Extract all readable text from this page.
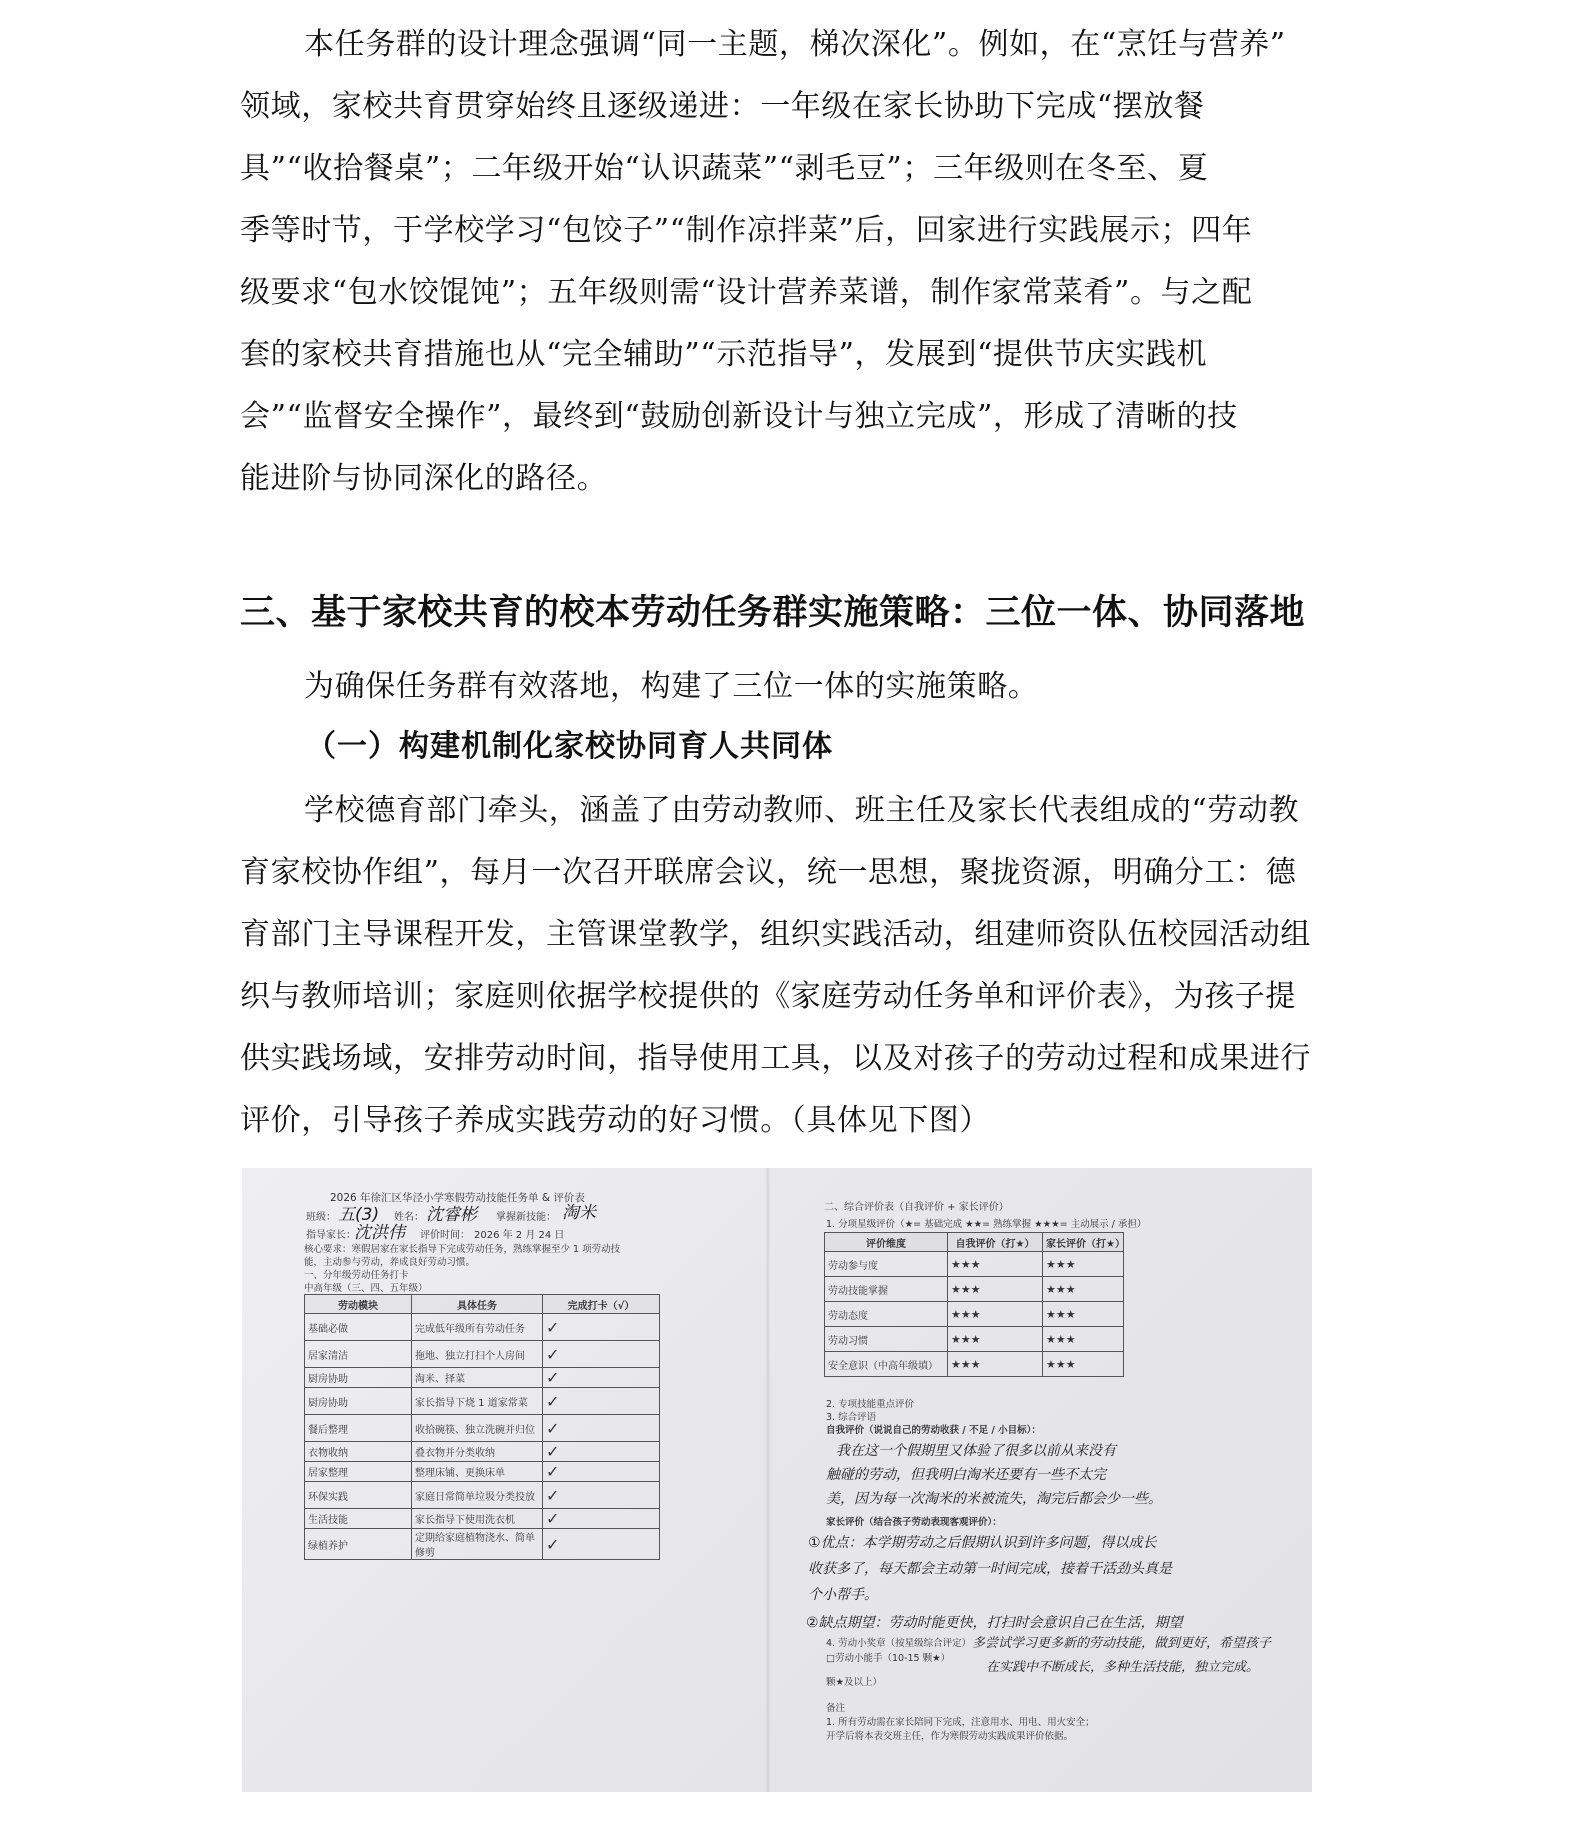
本任务群的设计理念强调“同一主题，梯次深化”。例如，在“烹饪与营养”

领域，家校共育贯穿始终且逐级递进：一年级在家长协助下完成“摆放餐

具”“收拾餐桌”；二年级开始“认识蔬菜”“剥毛豆”；三年级则在冬至、夏

季等时节，于学校学习“包饺子”“制作凉拌菜”后，回家进行实践展示；四年

级要求“包水饺馄饨”；五年级则需“设计营养菜谱，制作家常菜肴”。与之配

套的家校共育措施也从“完全辅助”“示范指导”，发展到“提供节庆实践机

会”“监督安全操作”，最终到“鼓励创新设计与独立完成”，形成了清晰的技

能进阶与协同深化的路径。

三、基于家校共育的校本劳动任务群实施策略：三位一体、协同落地

为确保任务群有效落地，构建了三位一体的实施策略。

（一）构建机制化家校协同育人共同体

学校德育部门牵头，涵盖了由劳动教师、班主任及家长代表组成的“劳动教

育家校协作组”，每月一次召开联席会议，统一思想，聚拢资源，明确分工：德

育部门主导课程开发，主管课堂教学，组织实践活动，组建师资队伍校园活动组

织与教师培训；家庭则依据学校提供的《家庭劳动任务单和评价表》，为孩子提

供实践场域，安排劳动时间，指导使用工具，以及对孩子的劳动过程和成果进行

评价，引导孩子养成实践劳动的好习惯。（具体见下图）

2026 年徐汇区华泾小学寒假劳动技能任务单 & 评价表
班级： 五(3) 姓名： 沈睿彬 掌握新技能： 淘米
指导家长：
沈洪伟 评价时间： 2026 年 2 月 24 日
核心要求：寒假居家在家长指导下完成劳动任务，熟练掌握至少 1 项劳动技
能，主动参与劳动，养成良好劳动习惯。
一、分年级劳动任务打卡
中高年级（三、四、五年级）
劳动模块	具体任务	完成打卡（√）
基础必做	完成低年级所有劳动任务	✓
居家清洁	拖地、独立打扫个人房间	✓
厨房协助	淘米、择菜	✓
厨房协助	家长指导下烧 1 道家常菜	✓
餐后整理	收拾碗筷、独立洗碗并归位	✓
衣物收纳	叠衣物并分类收纳	✓
居家整理	整理床铺、更换床单	✓
环保实践	家庭日常简单垃圾分类投放	✓
生活技能	家长指导下使用洗衣机	✓
绿植养护	定期给家庭植物浇水、简单修剪	✓
二、综合评价表（自我评价 + 家长评价）
1. 分项星级评价（★= 基础完成 ★★= 熟练掌握 ★★★= 主动展示 / 承担）
评价维度	自我评价（打★）	家长评价（打★）
劳动参与度	★★★	★★★
劳动技能掌握	★★★	★★★
劳动态度	★★★	★★★
劳动习惯	★★★	★★★
安全意识（中高年级填）	★★★	★★★
2. 专项技能重点评价
3. 综合评语
自我评价（说说自己的劳动收获 / 不足 / 小目标）：
我在这一个假期里又体验了很多以前从来没有
触碰的劳动，但我明白淘米还要有一些不太完
美，因为每一次淘米的米被流失，淘完后都会少一些。
家长评价（结合孩子劳动表现客观评价）：
①优点：本学期劳动之后假期认识到许多问题，得以成长
收获多了，每天都会主动第一时间完成，接着干活劲头真是
个小帮手。
②缺点期望：劳动时能更快，打扫时会意识自己在生活，期望
4. 劳动小奖章（按星级综合评定）
□劳动小能手（10-15 颗★）
多尝试学习更多新的劳动技能，做到更好，希望孩子
在实践中不断成长，多种生活技能，独立完成。
颗★及以上）
备注
1. 所有劳动需在家长陪同下完成，注意用水、用电、用火安全；
开学后将本表交班主任，作为寒假劳动实践成果评价依据。
